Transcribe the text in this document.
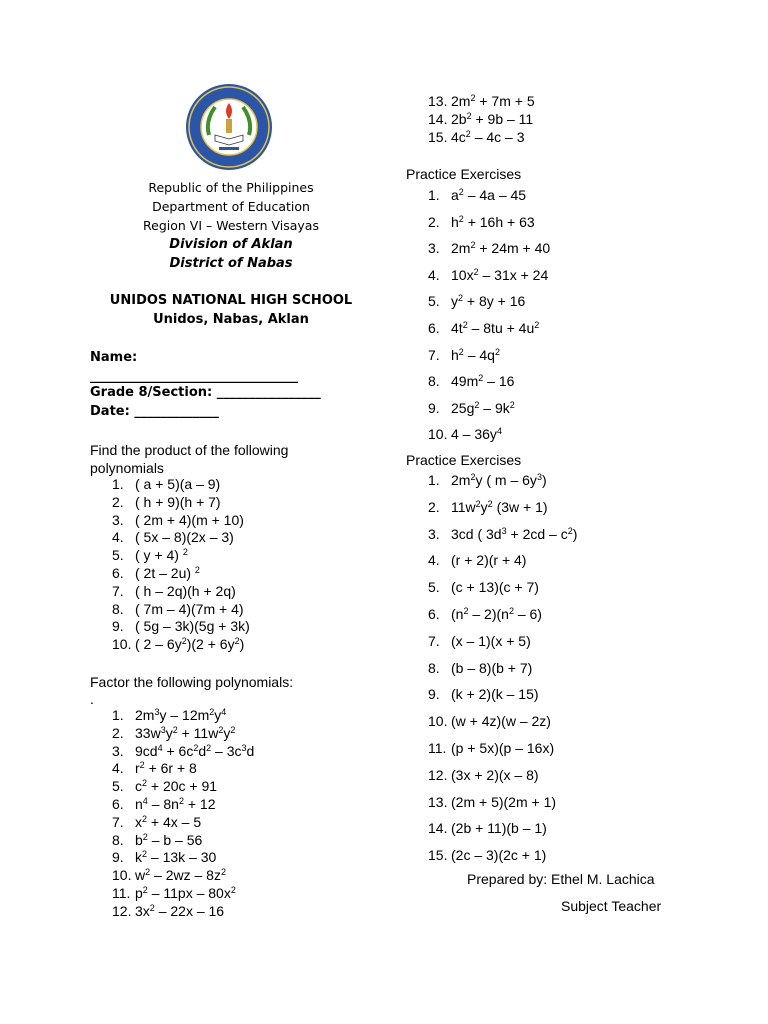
Republic of the Philippines
Department of Education
Region VI – Western Visayas
Division of Aklan
District of Nabas
UNIDOS NATIONAL HIGH SCHOOL
Unidos, Nabas, Aklan
Name: ________________________________
Grade 8/Section: ________________
Date: _____________
Find the product of the following polynomials
1. ( a + 5)(a – 9)
2. ( h + 9)(h + 7)
3. ( 2m + 4)(m + 10)
4. ( 5x – 8)(2x – 3)
5. ( y + 4) $^2$
6. ( 2t – 2u) $^2$
7. ( h – 2q)(h + 2q)
8. ( 7m – 4)(7m + 4)
9. ( 5g – 3k)(5g + 3k)
10. ( $2 - 6y^2)(2 + 6y^2)$
Factor the following polynomials:
.
1. $2m^3y - 12m^2y^4$
2. $33w^3y^2 + 11w^2y^2$
3. $9cd^4 + 6c^2d^2 - 3c^3d$
4. $r^2 + 6r + 8$
5. $c^2 + 20c + 91$
6. $n^4 - 8n^2 + 12$
7. $x^2 + 4x - 5$
8. $b^2$ – b – 56
9. $k^2 - 13k - 30$
10. $w^2 - 2wz - 8z^2$
11. $p^2 - 11px - 80x^2$
12. $3x^2 - 22x - 16$
13. $2m^2 + 7m + 5$
14. $2b^2 + 9b - 11$
15. $4c^2 - 4c - 3$
Practice Exercises
1. $a^2 - 4a - 45$
2. $h^2 + 16h + 63$
3. $2m^2 + 24m + 40$
4. $10x^2 - 31x + 24$
5. $y^2 + 8y + 16$
6. $4t^2 - 8tu + 4u^2$
7. $h^2 - 4q^2$
8. $49m^2 - 16$
9. $25g^2 - 9k^2$
10. $4 - 36y^4$
Practice Exercises
1. $2m^2y$ ( m – $6y^3$)
2. $11w^2y^2$ (3w + 1)
3. 3cd ( $3d^3 + 2cd - c^2$)
4. (r + 2)(r + 4)
5. (c + 13)(c + 7)
6. $(n^2 - 2)(n^2 - 6)$
7. (x – 1)(x + 5)
8. (b – 8)(b + 7)
9. (k + 2)(k – 15)
10. (w + 4z)(w – 2z)
11. (p + 5x)(p – 16x)
12. (3x + 2)(x – 8)
13. (2m + 5)(2m + 1)
14. (2b + 11)(b – 1)
15. (2c – 3)(2c + 1)
Prepared by: Ethel M. Lachica
Subject Teacher
